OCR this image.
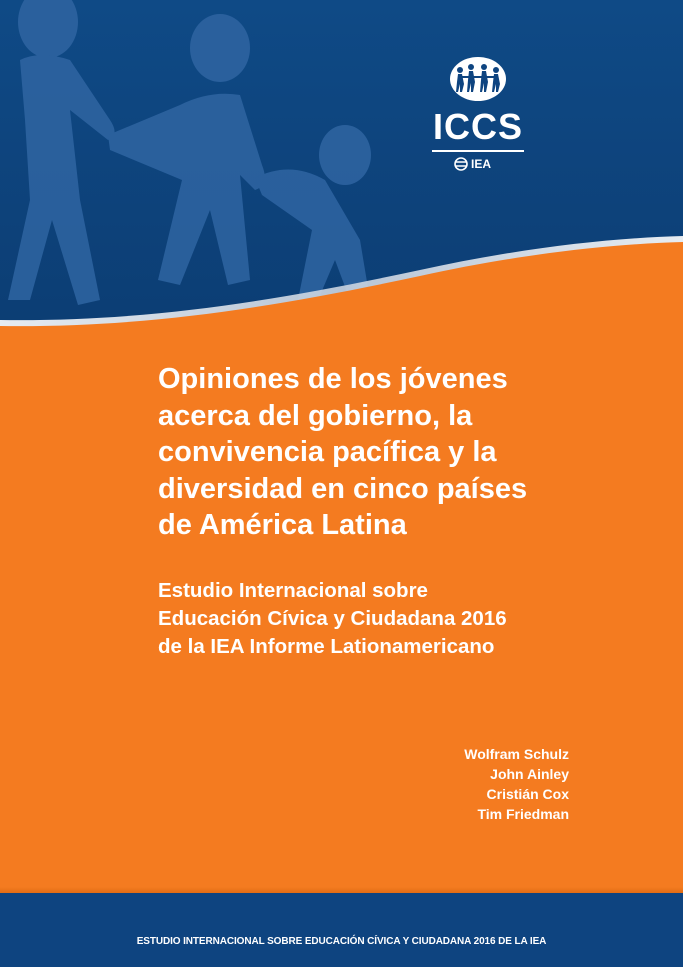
ICCS
IEA
Opiniones de los jóvenes
acerca del gobierno, la
convivencia pacífica y la
diversidad en cinco países
de América Latina
Estudio Internacional sobre
Educación Cívica y Ciudadana 2016
de la IEA Informe Lationamericano
Wolfram Schulz
John Ainley
Cristián Cox
Tim Friedman
ESTUDIO INTERNACIONAL SOBRE EDUCACIÓN CÍVICA Y CIUDADANA 2016 DE LA IEA
